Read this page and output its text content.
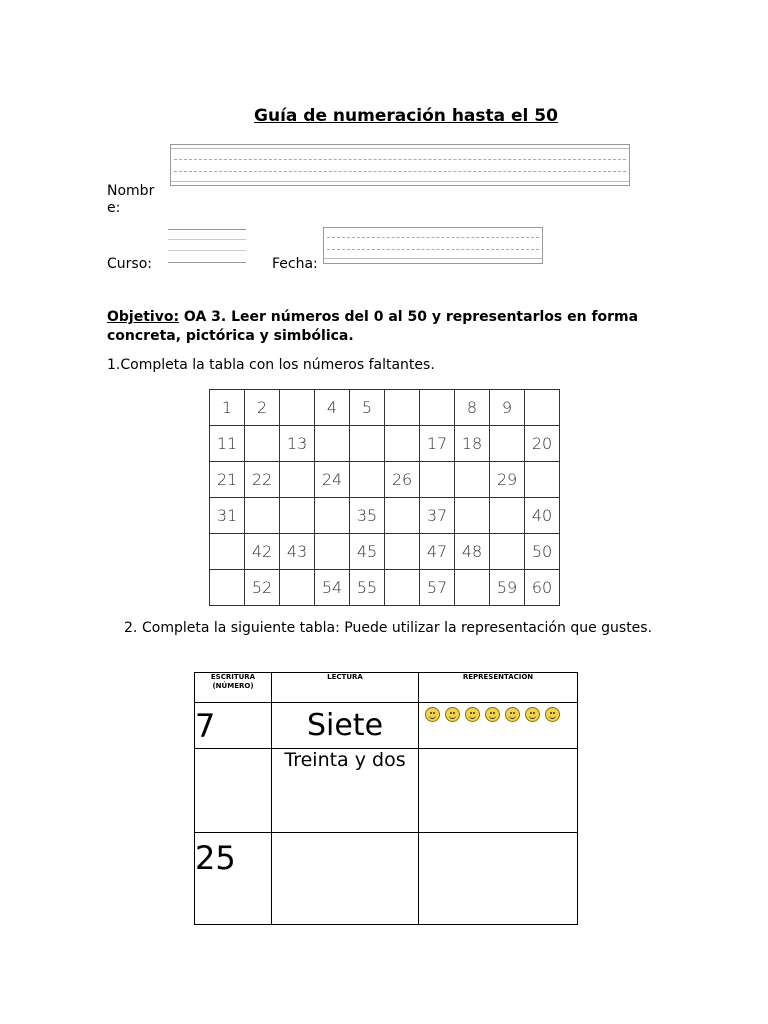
Guía de numeración hasta el 50
Nombr
e:
Curso:	Fecha:
Objetivo: OA 3. Leer números del 0 al 50 y representarlos en forma concreta, pictórica y simbólica.
1.Completa la tabla con los números faltantes.
1	2		4	5			8	9	
11		13				17	18		20
21	22		24		26			29	
31				35		37			40
	42	43		45		47	48		50
	52		54	55		57		59	60
2. Completa la siguiente tabla: Puede utilizar la representación que gustes.
ESCRITURA (NÚMERO)	LECTURA	REPRESENTACIÓN
7	Siete	

	Treinta y dos	
25		
